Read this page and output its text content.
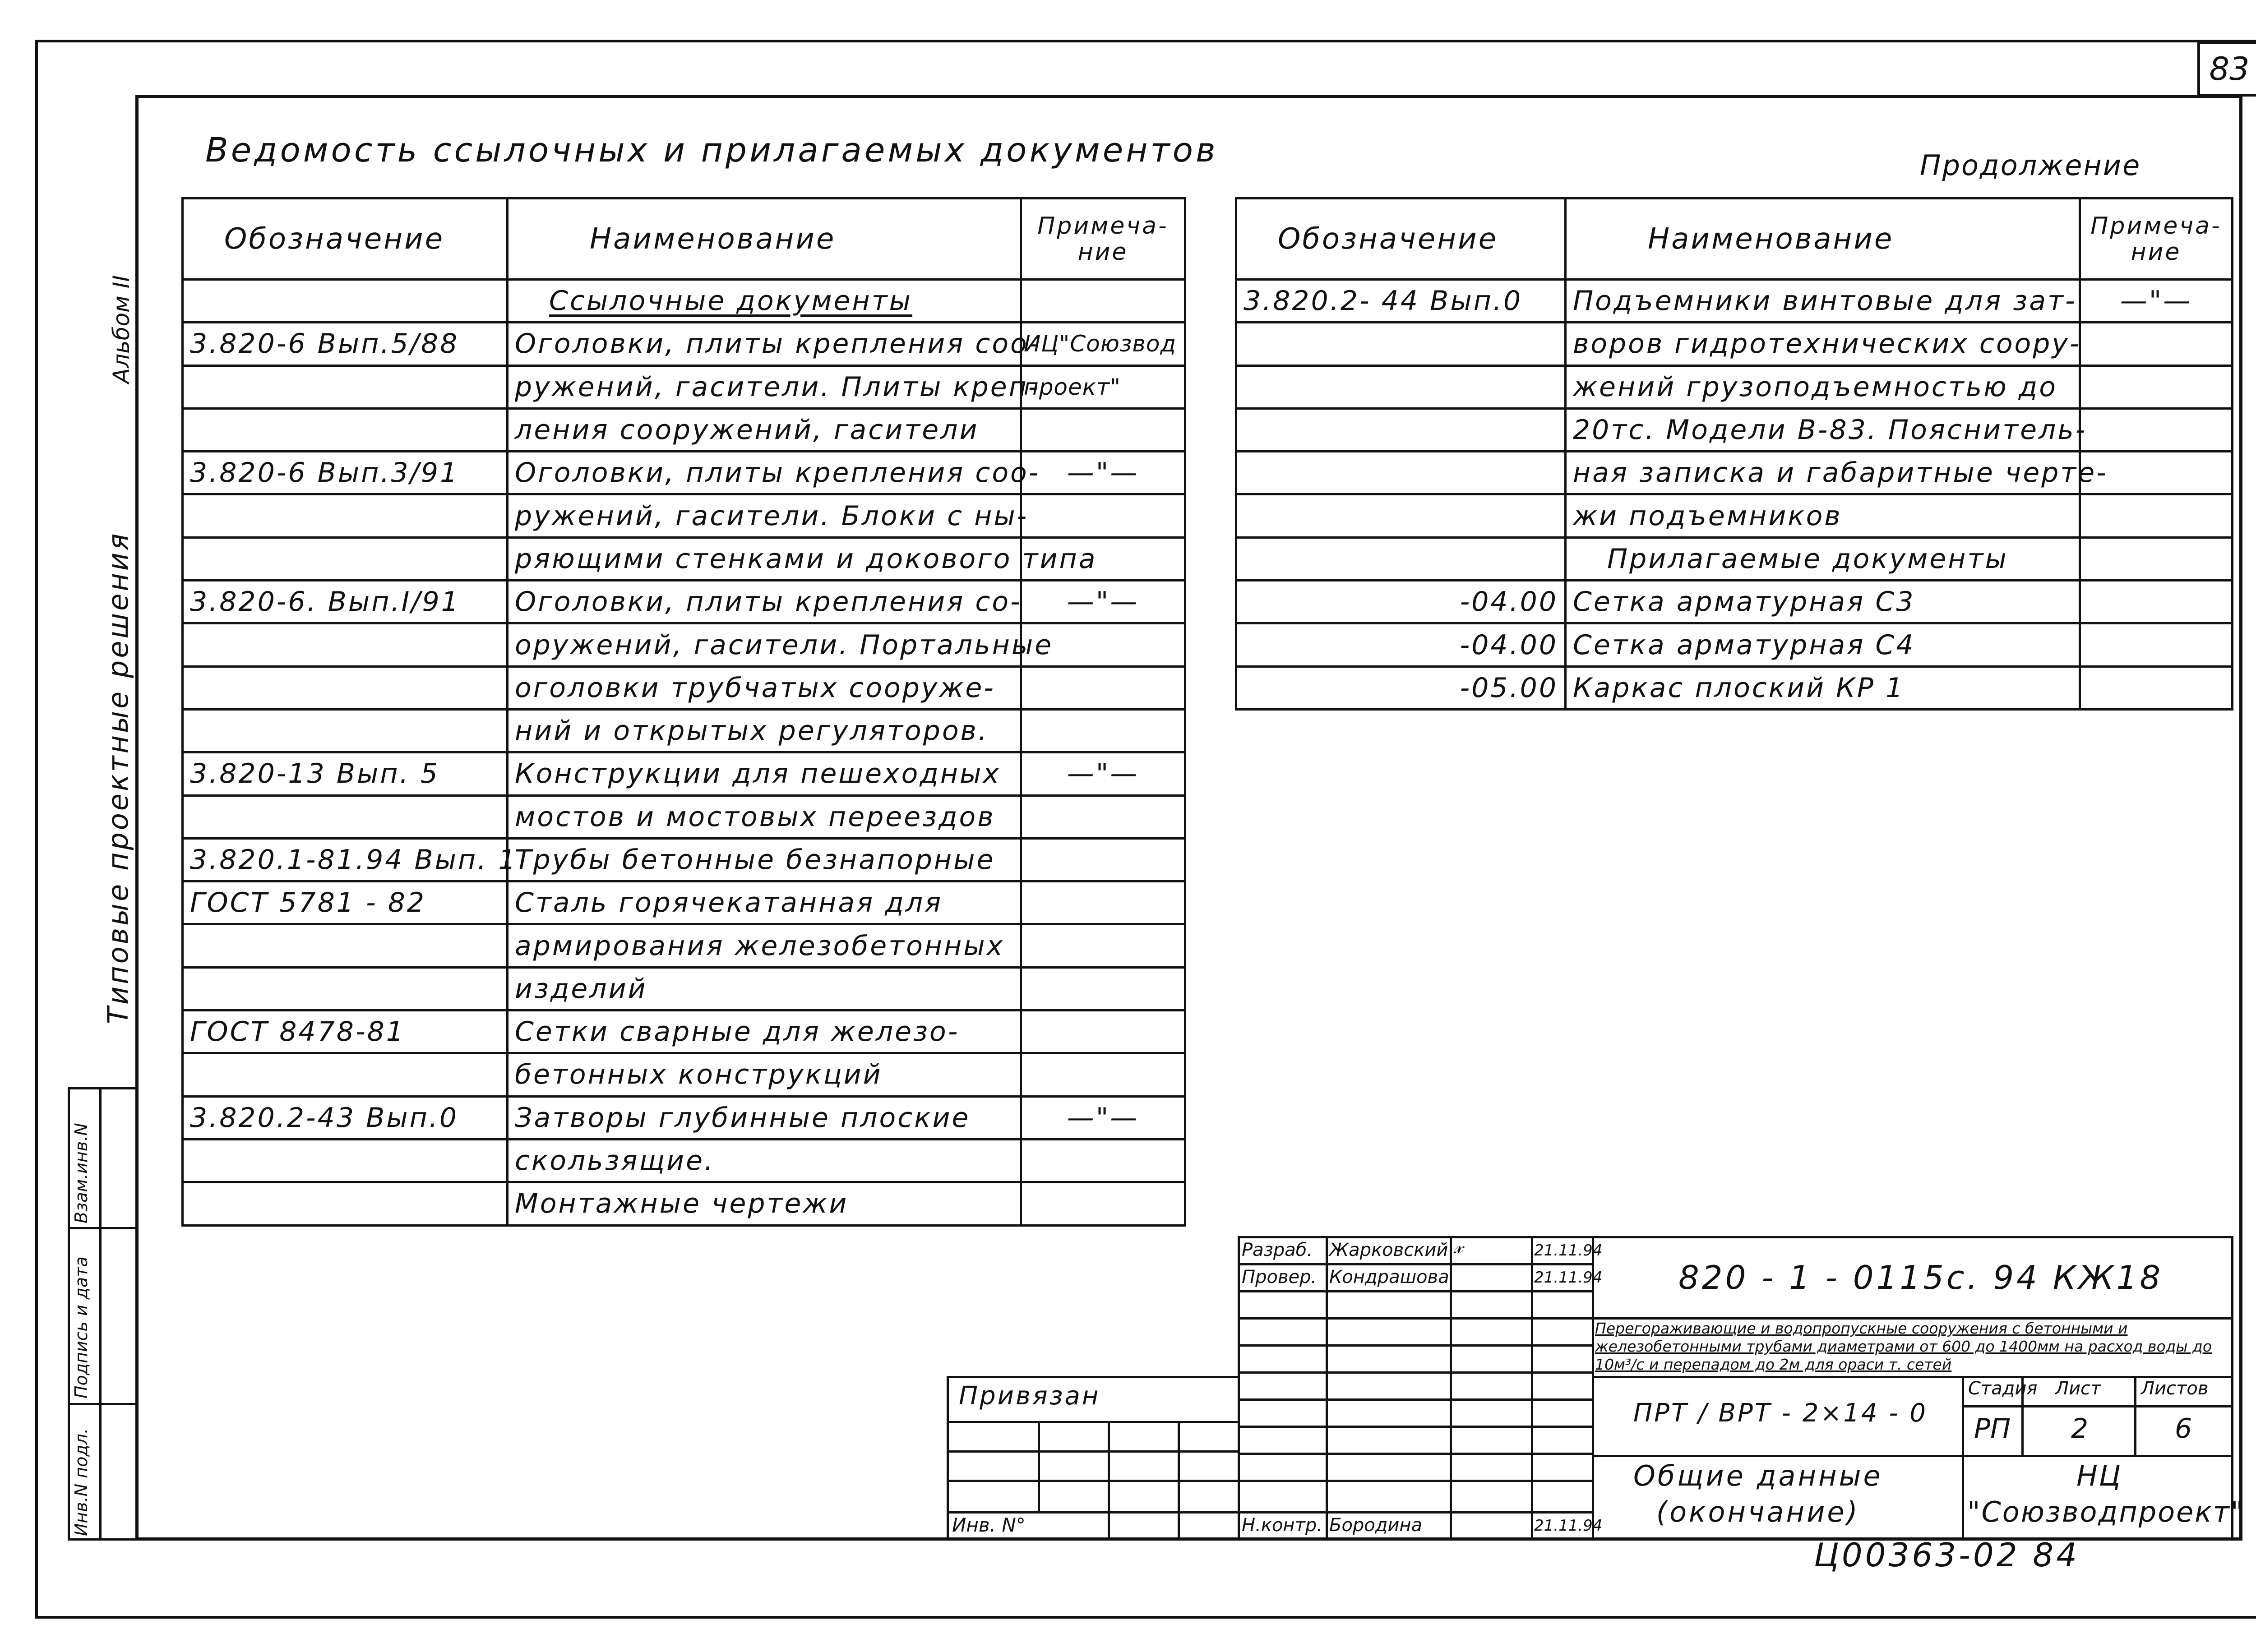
83
Ведомость ссылочных и прилагаемых документов	Продолжение
Альбом II
Типовые проектные решения
Взам.инв.N
Подпись и дата
Инв.N подл.
Обозначение	Наименование	Примеча-
ние
	Ссылочные документы	
3.820-6 Вып.5/88	Оголовки, плиты крепления соо-	ИЦ"Союзвод
	ружений, гасители. Плиты креп-	проект"
	ления сооружений, гасители	
3.820-6 Вып.3/91	Оголовки, плиты крепления соо-	—"—
	ружений, гасители. Блоки с ны-	
	ряющими стенками и докового типа	
3.820-6. Вып.I/91	Оголовки, плиты крепления со-	—"—
	оружений, гасители. Портальные	
	оголовки трубчатых сооруже-	
	ний и открытых регуляторов.	
3.820-13 Вып. 5	Конструкции для пешеходных	—"—
	мостов и мостовых переездов	
3.820.1-81.94 Вып. 1	Трубы бетонные безнапорные	
ГОСТ 5781 - 82	Сталь горячекатанная для	
	армирования железобетонных	
	изделий	
ГОСТ 8478-81	Сетки сварные для железо-	
	бетонных конструкций	
3.820.2-43 Вып.0	Затворы глубинные плоские	—"—
	скользящие.	
	Монтажные чертежи	
Обозначение	Наименование	Примеча-
ние
3.820.2- 44 Вып.0	Подъемники винтовые для зат-	—"—
	воров гидротехнических соору-	
	жений грузоподъемностью до	
	20тс. Модели В-83. Пояснитель-	
	ная записка и габаритные черте-	
	жи подъемников	
	Прилагаемые документы	
-04.00	Сетка арматурная С3	
-04.00	Сетка арматурная С4	
-05.00	Каркас плоский КР 1	
Разраб. Жарковский 𝓍	21.11.94
Провер. Кондрашова	21.11.94
Н.контр. Бородина	21.11.94
Привязан
Инв. N°
820 - 1 - 0115с. 94 КЖ18
Перегораживающие и водопропускные сооружения с бетонными и железобетонными трубами диаметрами от 600 до 1400мм на расход воды до 10м³/с и перепадом до 2м для ораси т. сетей
ПРТ / ВРТ - 2×14 - 0
Стадия Лист Листов
РП 2	6
Общие данные
(окончание)
НЦ
"Союзводпроект"
Ц00363-02 84
